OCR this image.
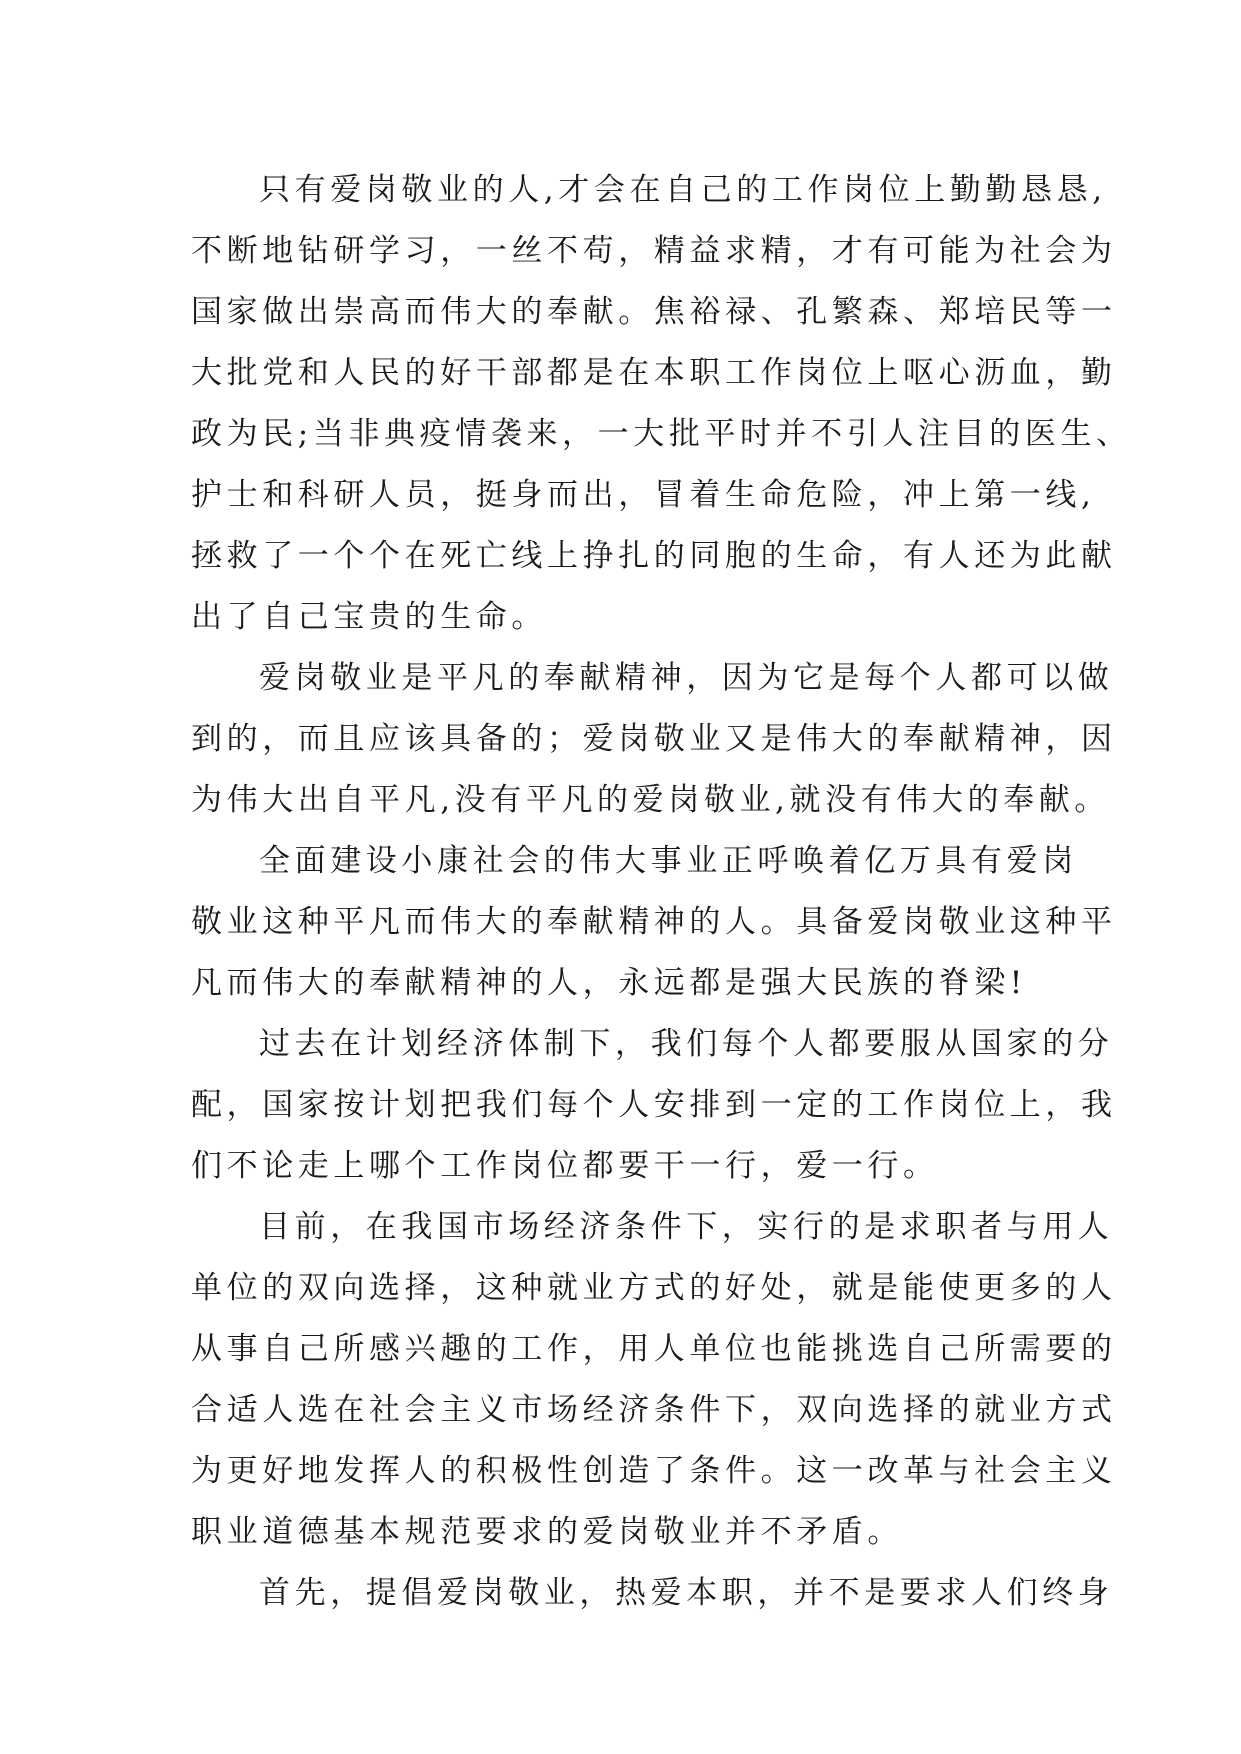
只有爱岗敬业的人,才会在自己的工作岗位上勤勤恳恳,
不断地钻研学习，一丝不苟，精益求精，才有可能为社会为
国家做出崇高而伟大的奉献。焦裕禄、孔繁森、郑培民等一
大批党和人民的好干部都是在本职工作岗位上呕心沥血，勤
政为民;当非典疫情袭来，一大批平时并不引人注目的医生、
护士和科研人员，挺身而出，冒着生命危险，冲上第一线,
拯救了一个个在死亡线上挣扎的同胞的生命，有人还为此献
出了自己宝贵的生命。
爱岗敬业是平凡的奉献精神，因为它是每个人都可以做
到的，而且应该具备的；爱岗敬业又是伟大的奉献精神，因
为伟大出自平凡,没有平凡的爱岗敬业,就没有伟大的奉献。
全面建设小康社会的伟大事业正呼唤着亿万具有爱岗
敬业这种平凡而伟大的奉献精神的人。具备爱岗敬业这种平
凡而伟大的奉献精神的人，永远都是强大民族的脊梁!
过去在计划经济体制下，我们每个人都要服从国家的分
配，国家按计划把我们每个人安排到一定的工作岗位上，我
们不论走上哪个工作岗位都要干一行，爱一行。
目前，在我国市场经济条件下，实行的是求职者与用人
单位的双向选择，这种就业方式的好处，就是能使更多的人
从事自己所感兴趣的工作，用人单位也能挑选自己所需要的
合适人选在社会主义市场经济条件下，双向选择的就业方式
为更好地发挥人的积极性创造了条件。这一改革与社会主义
职业道德基本规范要求的爱岗敬业并不矛盾。
首先，提倡爱岗敬业，热爱本职，并不是要求人们终身
